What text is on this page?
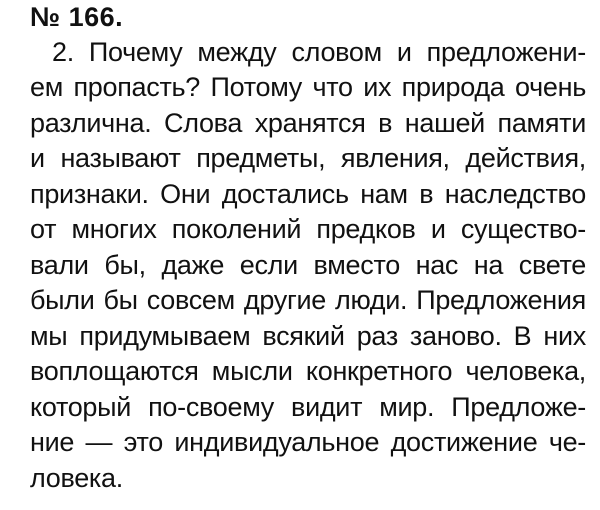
№ 166.
2. Почему между словом и предложени-
ем пропасть? Потому что их природа очень
различна. Слова хранятся в нашей памяти
и называют предметы, явления, действия,
признаки. Они достались нам в наследство
от многих поколений предков и существо-
вали бы, даже если вместо нас на свете
были бы совсем другие люди. Предложения
мы придумываем всякий раз заново. В них
воплощаются мысли конкретного человека,
который по-своему видит мир. Предложе-
ние — это индивидуальное достижение че-
ловека.
